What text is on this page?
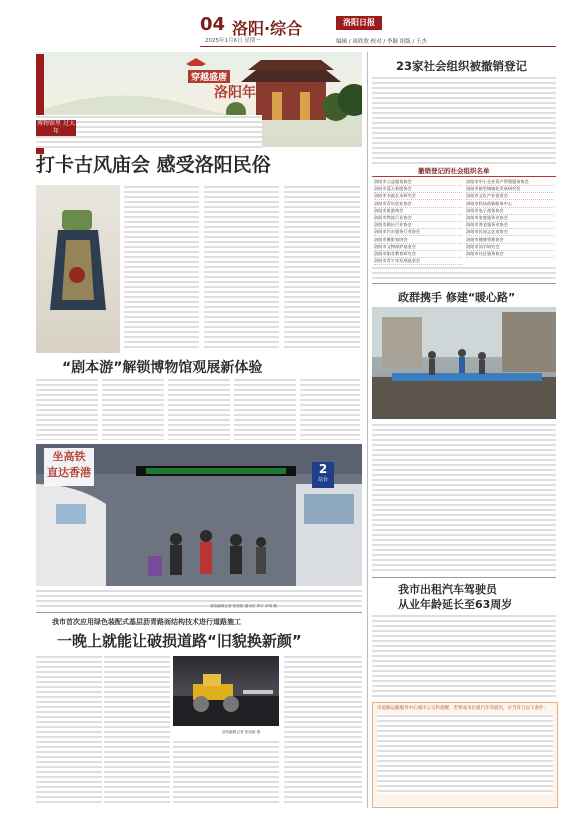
04 洛阳·综合
2025年1月6日 星期一
洛阳日报
编辑 / 周欣欣 校对 / 李颖 组版 / 王杰
穿越盛唐
洛阳年
博物馆里 过大年
打卡古风庙会 感受洛阳民俗
“剧本游”解锁博物馆观展新体验
坐高铁
直达香港	2
站台
洛阳融媒记者 张怡熙 通讯员 李宇 李靖 摄
我市首次应用绿色装配式基层沥青路面结构技术进行道路施工
一晚上就能让破损道路“旧貌换新颜”
洛阳融媒记者 张怡熙 摄
23家社会组织被撤销登记
撤销登记的社会组织名单
洛阳市公益服务协会	洛阳市中小企业资产管理服务协会
洛阳市蓝天救援协会	洛阳市新型城镇化发展研究会
洛阳市书画艺术研究会	洛阳市文化产业促进会
洛阳市青年创业协会	洛阳市科技创新服务中心
洛阳市旅游商会	洛阳市电子商务协会
洛阳市物流行业协会	洛阳市家庭服务业协会
洛阳市婚庆行业协会	洛阳市养老服务业协会
洛阳市汽车服务行业协会	洛阳市民间文艺家协会
洛阳市摄影家协会	洛阳市健康管理协会
洛阳市文物保护基金会	洛阳市国学研究会
洛阳市职业教育研究会	洛阳市社区服务协会
洛阳市青少年发展基金会
政群携手 修建“暖心路”
我市出租汽车驾驶员
从业年龄延长至63周岁
市道路运输服务中心城市公交科提醒，若要成为出租汽车驾驶员，应当符合以下条件：
